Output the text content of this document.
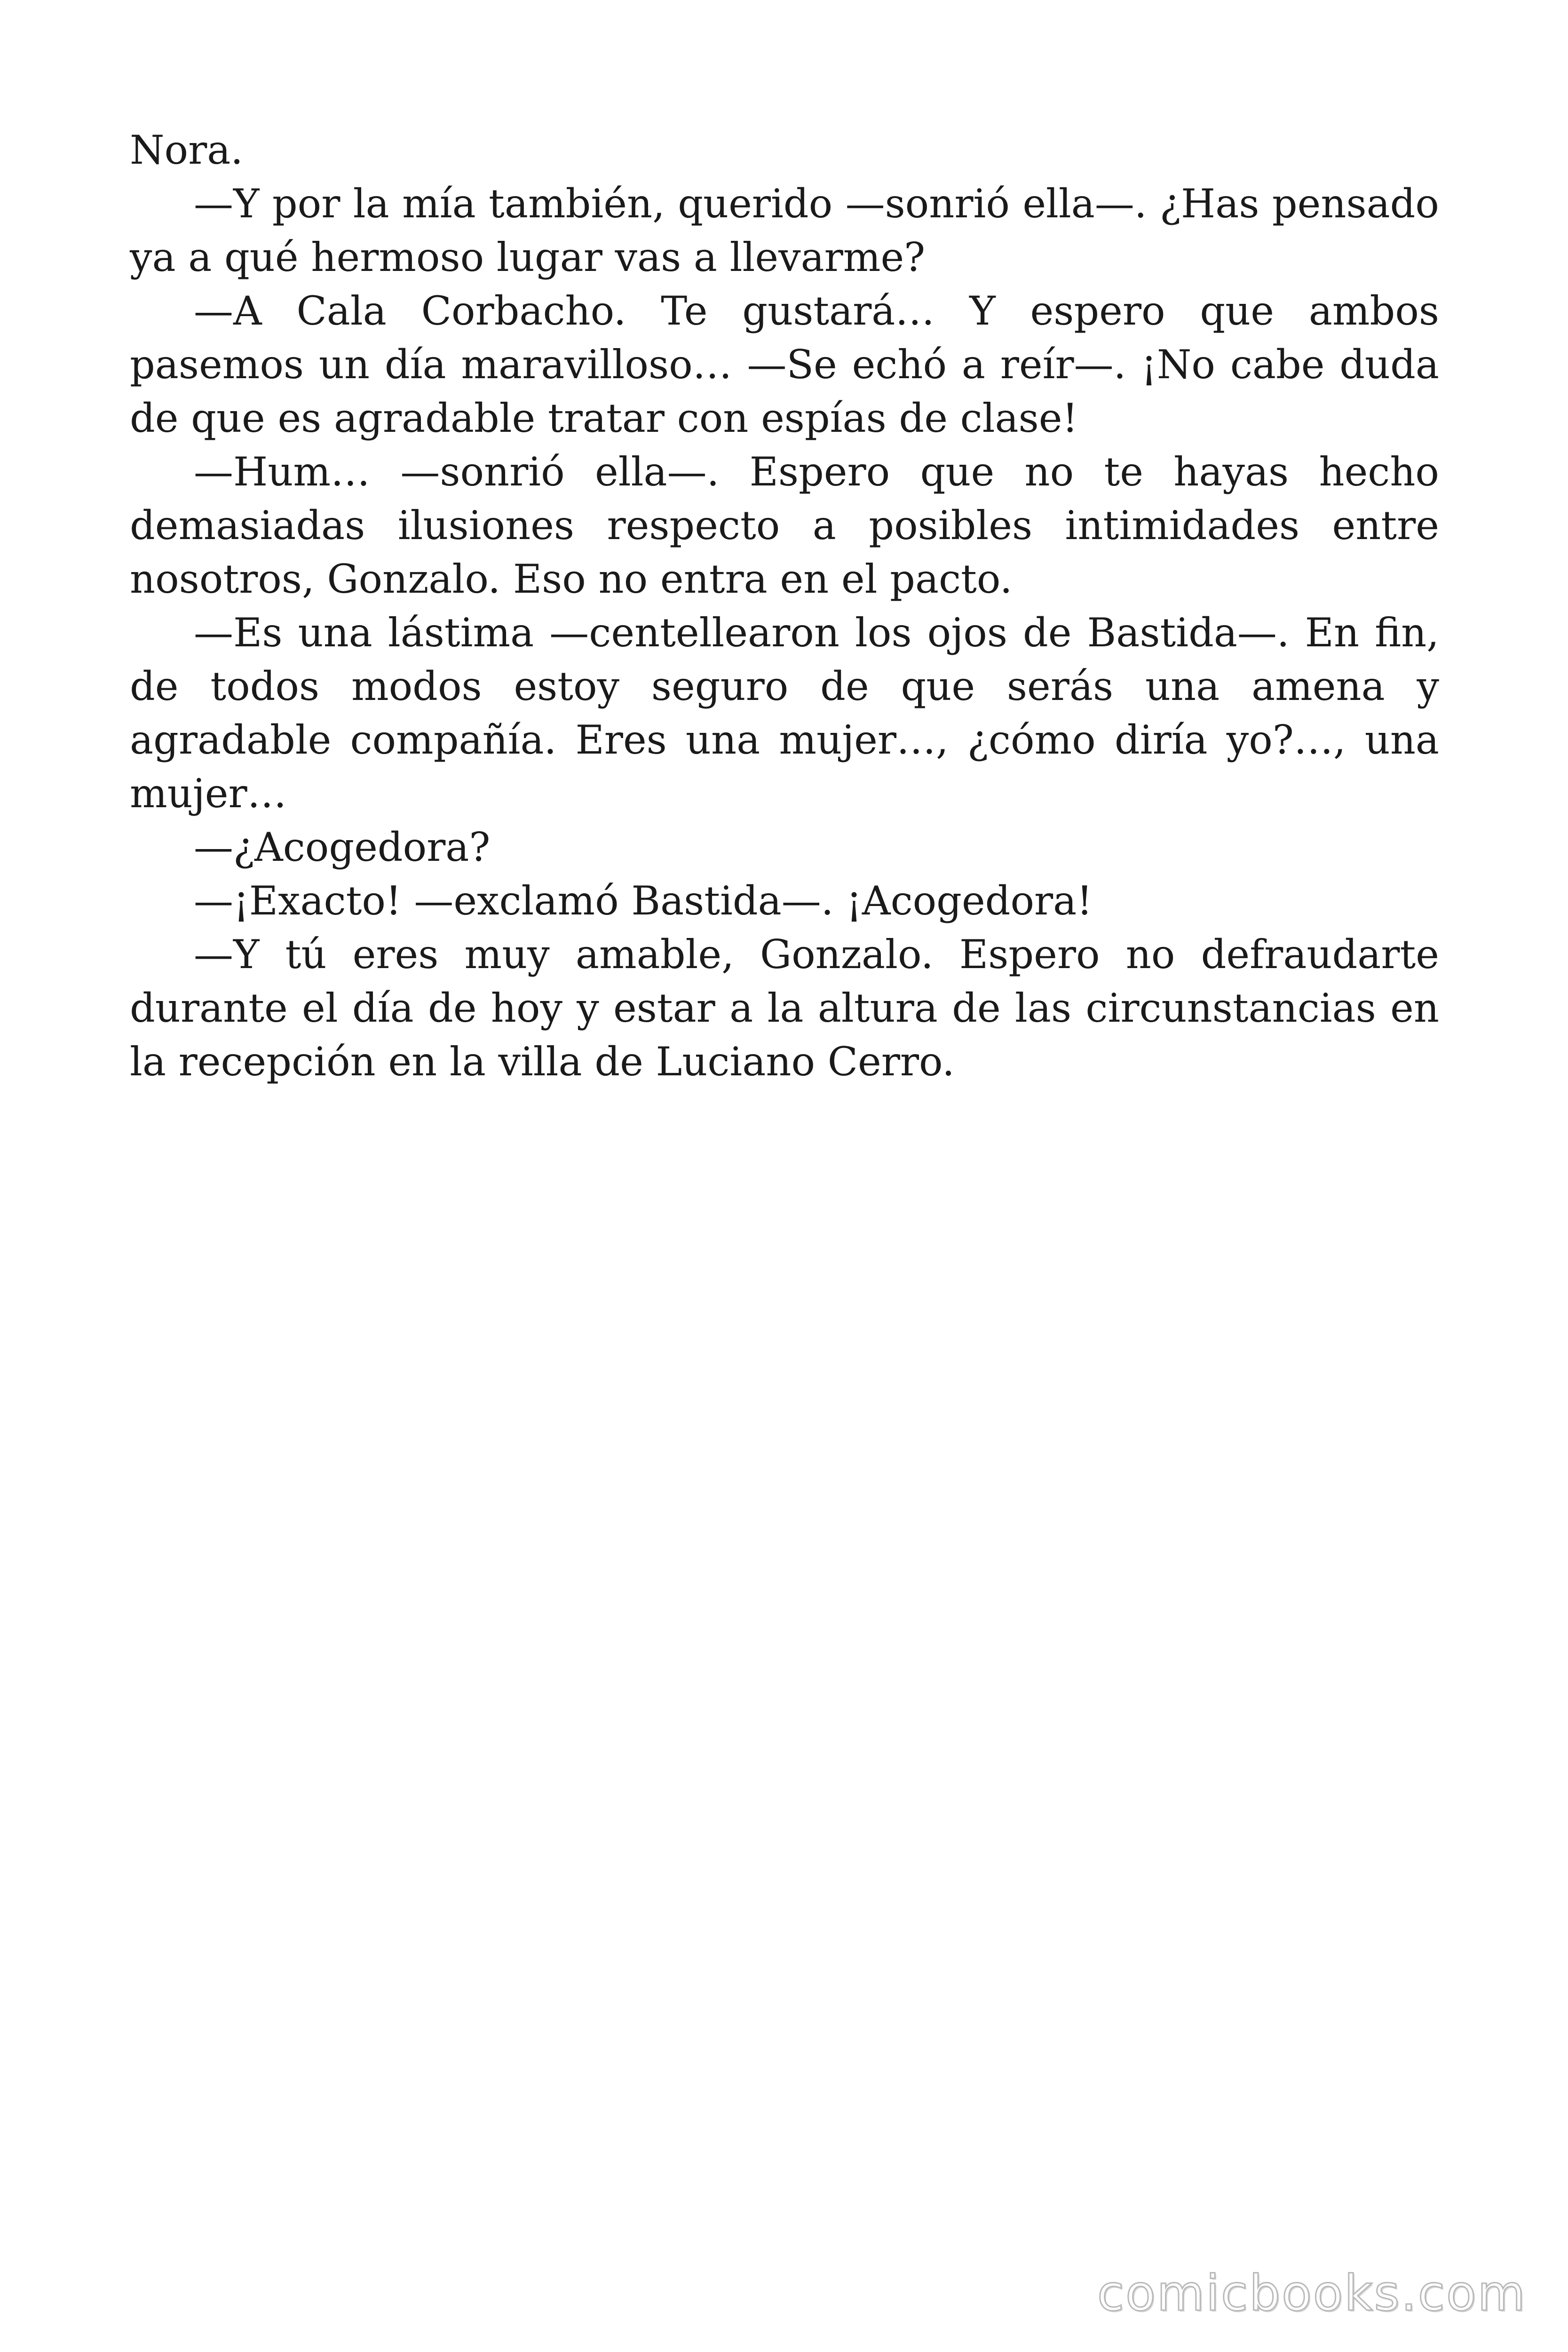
Nora.

—Y por la mía también, querido —sonrió ella—. ¿Has pensado ya a qué hermoso lugar vas a llevarme?

—A Cala Corbacho. Te gustará… Y espero que ambos pasemos un día maravilloso… —Se echó a reír—. ¡No cabe duda de que es agradable tratar con espías de clase!

—Hum… —sonrió ella—. Espero que no te hayas hecho demasiadas ilusiones respecto a posibles intimidades entre nosotros, Gonzalo. Eso no entra en el pacto.

—Es una lástima —centellearon los ojos de Bastida—. En fin, de todos modos estoy seguro de que serás una amena y agradable compañía. Eres una mujer…, ¿cómo diría yo?…, una mujer…

—¿Acogedora?

—¡Exacto! —exclamó Bastida—. ¡Acogedora!

—Y tú eres muy amable, Gonzalo. Espero no defraudarte durante el día de hoy y estar a la altura de las circunstancias en la recepción en la villa de Luciano Cerro.

comicbooks.com
